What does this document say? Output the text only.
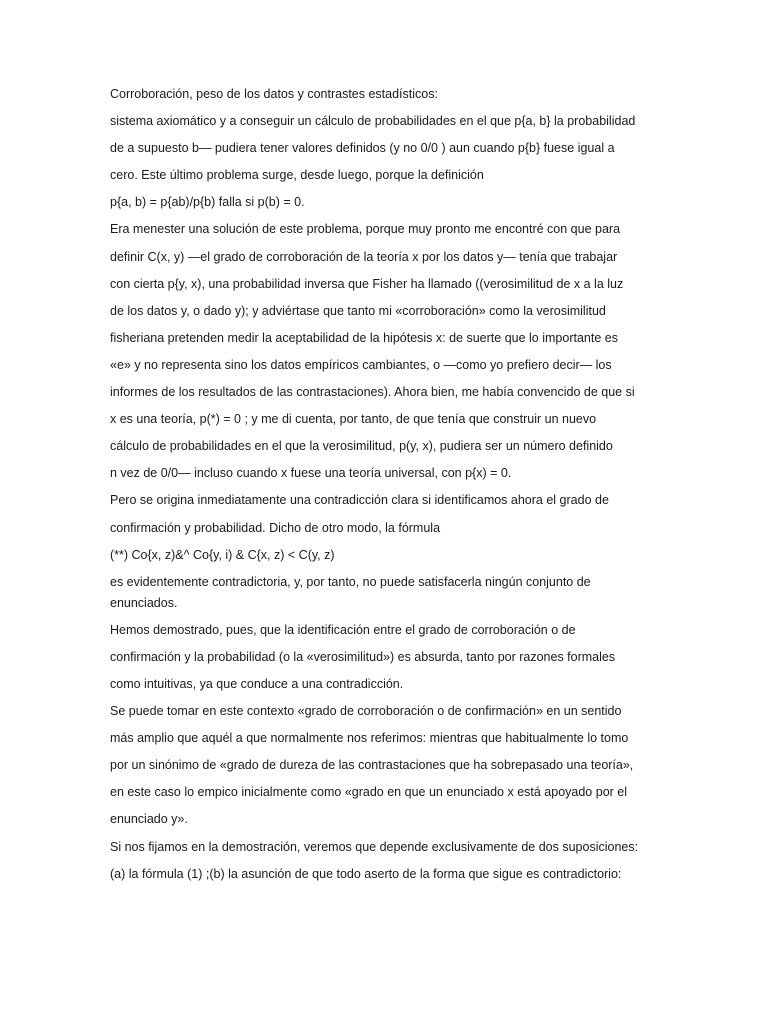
Corroboración, peso de los datos y contrastes estadísticos:
sistema axiomático y a conseguir un cálculo de probabilidades en el que p{a, b} la probabilidad
de a supuesto b— pudiera tener valores definidos (y no 0/0 ) aun cuando p{b} fuese igual a
cero. Este último problema surge, desde luego, porque la definición
p{a, b) = p{ab)/p{b) falla si p(b) = 0.
Era menester una solución de este problema, porque muy pronto me encontré con que para
definir C(x, y) —el grado de corroboración de la teoría x por los datos y— tenía que trabajar
con cierta p{y, x), una probabilidad inversa que Fisher ha llamado ((verosimilitud de x a la luz
de los datos y, o dado y); y adviértase que tanto mi «corroboración» como la verosimilitud
fisheriana pretenden medir la aceptabilidad de la hipótesis x: de suerte que lo importante es
«e» y no representa sino los datos empíricos cambiantes, o —como yo prefiero decir— los
informes de los resultados de las contrastaciones). Ahora bien, me había convencido de que si
x es una teoría, p(*) = 0 ; y me di cuenta, por tanto, de que tenía que construir un nuevo
cálculo de probabilidades en el que la verosimilitud, p(y, x), pudiera ser un número definido
n vez de 0/0— incluso cuando x fuese una teoría universal, con p{x) = 0.
Pero se origina inmediatamente una contradicción clara si identificamos ahora el grado de
confirmación y probabilidad. Dicho de otro modo, la fórmula
(**) Co{x, z)&^ Co{y, i) & C{x, z) < C(y, z)
es evidentemente contradictoria, y, por tanto, no puede satisfacerla ningún conjunto de
enunciados.
Hemos demostrado, pues, que la identificación entre el grado de corroboración o de
confirmación y la probabilidad (o la «verosimilitud») es absurda, tanto por razones formales
como intuitivas, ya que conduce a una contradicción.
Se puede tomar en este contexto «grado de corroboración o de confirmación» en un sentido
más amplio que aquél a que normalmente nos referimos: mientras que habitualmente lo tomo
por un sinónimo de «grado de dureza de las contrastaciones que ha sobrepasado una teoría»,
en este caso lo empico inicialmente como «grado en que un enunciado x está apoyado por el
enunciado y».
Si nos fijamos en la demostración, veremos que depende exclusivamente de dos suposiciones:
(a) la fórmula (1) ;(b) la asunción de que todo aserto de la forma que sigue es contradictorio:
